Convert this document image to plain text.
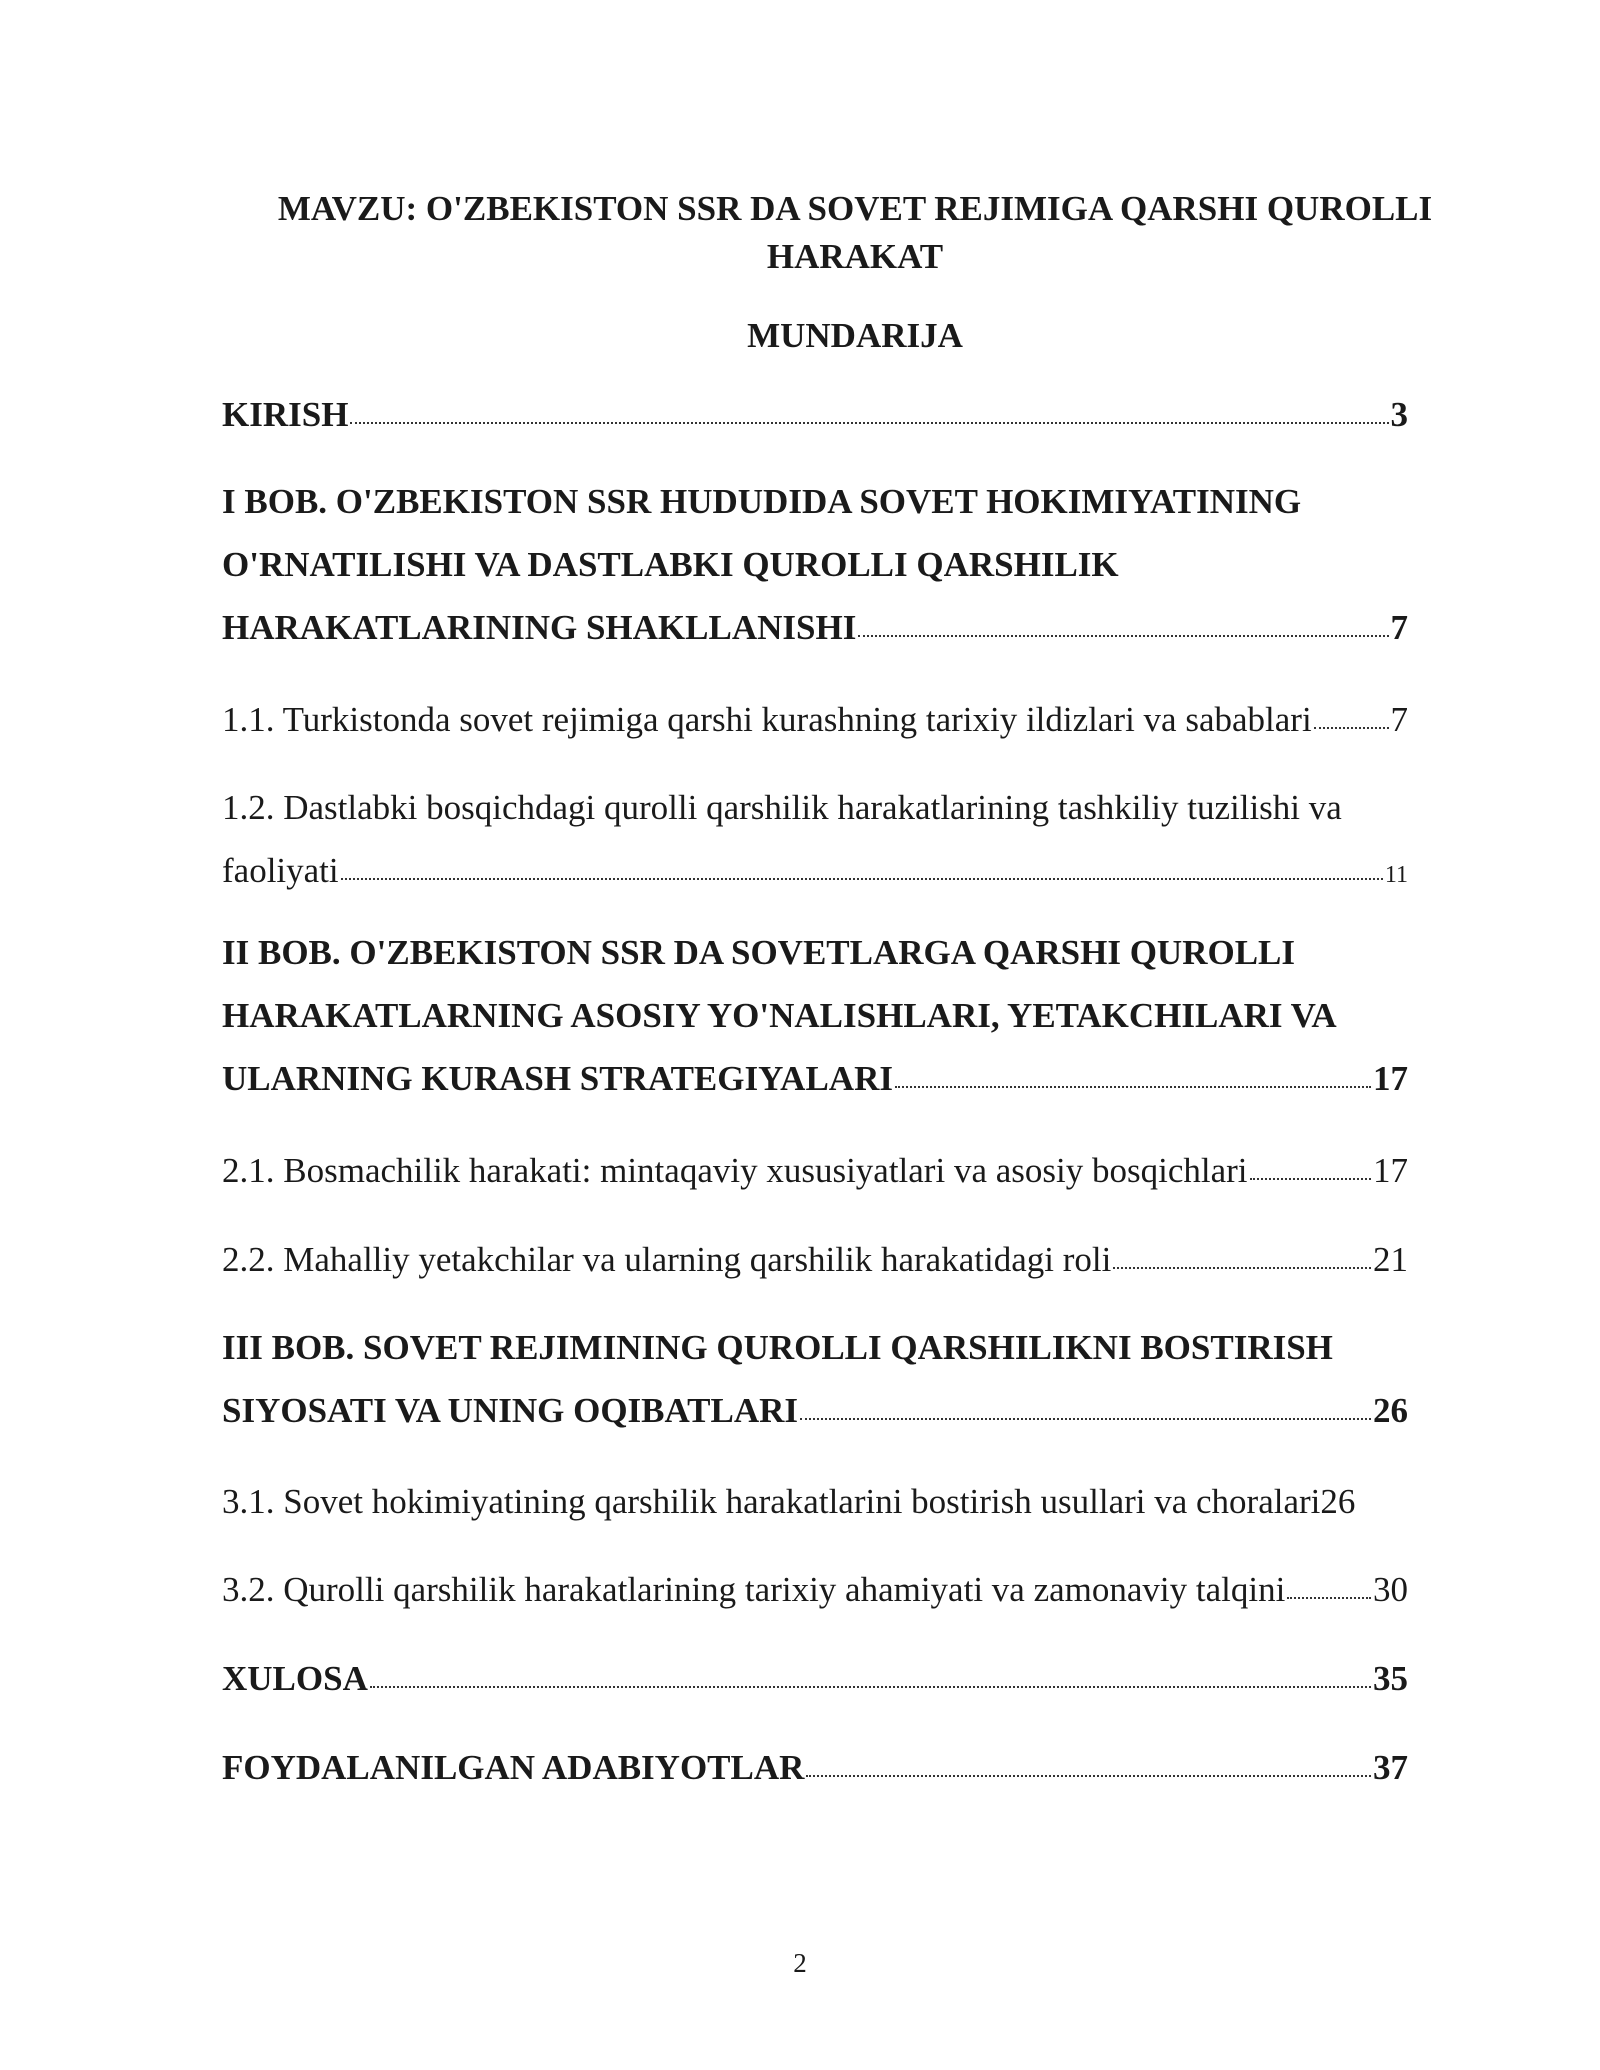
MAVZU: O'ZBEKISTON SSR DA SOVET REJIMIGA QARSHI QUROLLI
HARAKAT
MUNDARIJA
KIRISH	3
I BOB. O'ZBEKISTON SSR HUDUDIDA SOVET HOKIMIYATINING
O'RNATILISHI VA DASTLABKI QUROLLI QARSHILIK
HARAKATLARINING SHAKLLANISHI	7
1.1. Turkistonda sovet rejimiga qarshi kurashning tarixiy ildizlari va sabablari 7
1.2. Dastlabki bosqichdagi qurolli qarshilik harakatlarining tashkiliy tuzilishi va
faoliyati	11
II BOB. O'ZBEKISTON SSR DA SOVETLARGA QARSHI QUROLLI
HARAKATLARNING ASOSIY YO'NALISHLARI, YETAKCHILARI VA
ULARNING KURASH STRATEGIYALARI	17
2.1. Bosmachilik harakati: mintaqaviy xususiyatlari va asosiy bosqichlari	17
2.2. Mahalliy yetakchilar va ularning qarshilik harakatidagi roli	21
III BOB. SOVET REJIMINING QUROLLI QARSHILIKNI BOSTIRISH
SIYOSATI VA UNING OQIBATLARI	26
3.1. Sovet hokimiyatining qarshilik harakatlarini bostirish usullari va choralari 26
3.2. Qurolli qarshilik harakatlarining tarixiy ahamiyati va zamonaviy talqini	30
XULOSA	35
FOYDALANILGAN ADABIYOTLAR	37
2
